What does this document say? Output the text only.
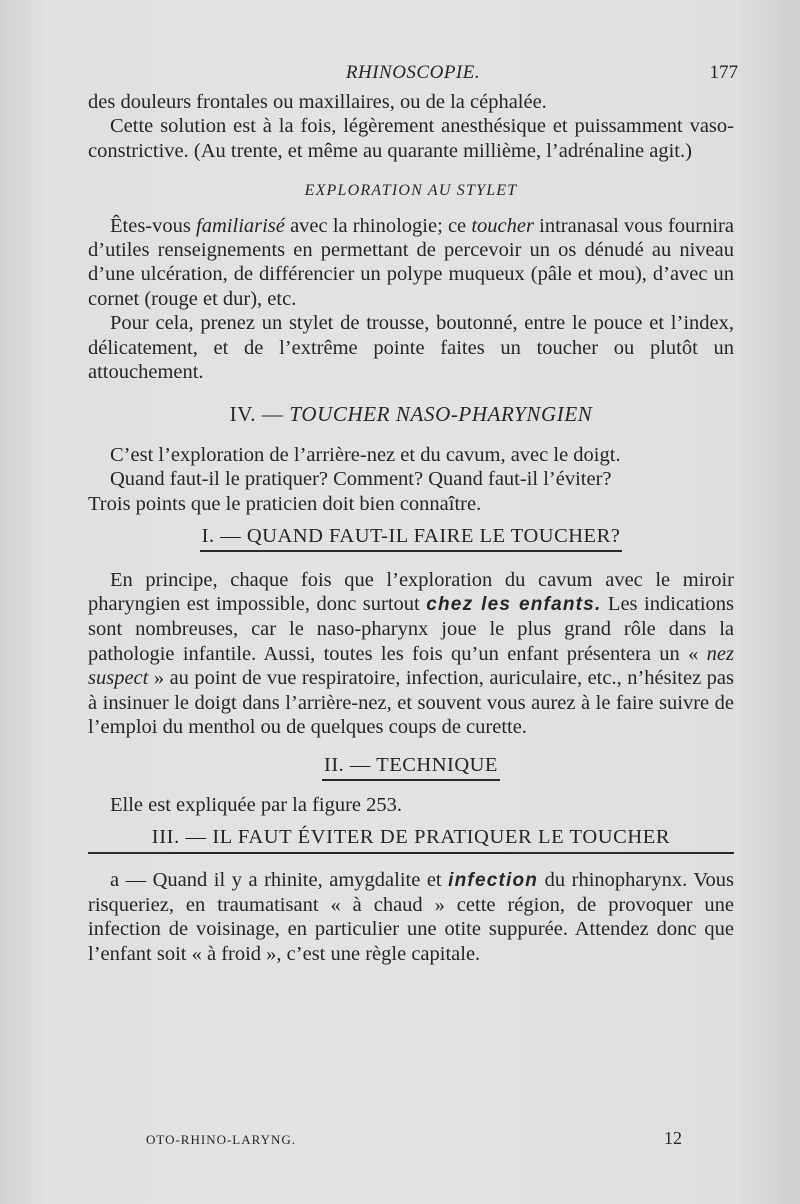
RHINOSCOPIE.	177

des douleurs frontales ou maxillaires, ou de la céphalée.

Cette solution est à la fois, légèrement anesthésique et puissamment vaso-constrictive. (Au trente, et même au quarante millième, l’adrénaline agit.)

EXPLORATION AU STYLET

Êtes-vous familiarisé avec la rhinologie; ce toucher intranasal vous fournira d’utiles renseignements en permettant de percevoir un os dénudé au niveau d’une ulcération, de différencier un polype muqueux (pâle et mou), d’avec un cornet (rouge et dur), etc.

Pour cela, prenez un stylet de trousse, boutonné, entre le pouce et l’index, délicatement, et de l’extrême pointe faites un toucher ou plutôt un attouchement.

IV. — TOUCHER NASO-PHARYNGIEN

C’est l’exploration de l’arrière-nez et du cavum, avec le doigt.

Quand faut-il le pratiquer? Comment? Quand faut-il l’éviter?

Trois points que le praticien doit bien connaître.

I. — QUAND FAUT-IL FAIRE LE TOUCHER?

En principe, chaque fois que l’exploration du cavum avec le miroir pharyngien est impossible, donc surtout chez les enfants. Les indications sont nombreuses, car le naso-pharynx joue le plus grand rôle dans la pathologie infantile. Aussi, toutes les fois qu’un enfant présentera un « nez suspect » au point de vue respiratoire, infection, auriculaire, etc., n’hésitez pas à insinuer le doigt dans l’arrière-nez, et souvent vous aurez à le faire suivre de l’emploi du menthol ou de quelques coups de curette.

II. — TECHNIQUE

Elle est expliquée par la figure 253.

III. — IL FAUT ÉVITER DE PRATIQUER LE TOUCHER

a — Quand il y a rhinite, amygdalite et infection du rhinopharynx. Vous risqueriez, en traumatisant « à chaud » cette région, de provoquer une infection de voisinage, en particulier une otite suppurée. Attendez donc que l’enfant soit « à froid », c’est une règle capitale.

OTO-RHINO-LARYNG.	12
